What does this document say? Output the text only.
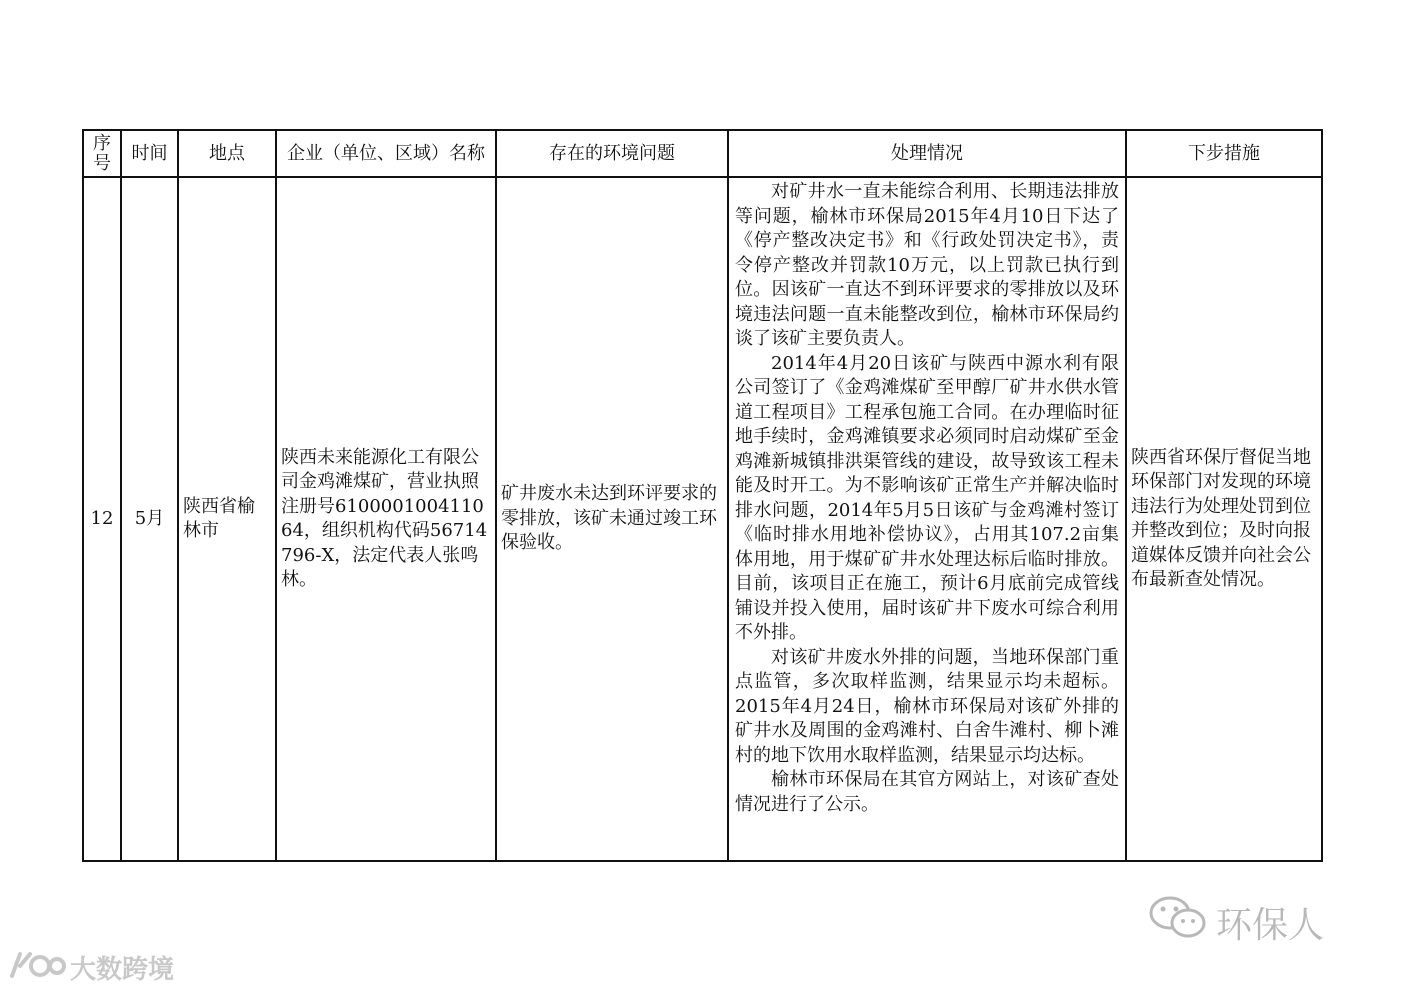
序号	时间	地点	企业（单位、区域）名称	存在的环境问题	处理情况	下步措施
12	5月	陕西省榆林市	陕西未来能源化工有限公司金鸡滩煤矿，营业执照注册号610000100411064，组织机构代码56714796-X，法定代表人张鸣林。	矿井废水未达到环评要求的零排放，该矿未通过竣工环保验收。	对矿井水一直未能综合利用、长期违法排放等问题，榆林市环保局2015年4月10日下达了《停产整改决定书》和《行政处罚决定书》，责令停产整改并罚款10万元，以上罚款已执行到位。因该矿一直达不到环评要求的零排放以及环境违法问题一直未能整改到位，榆林市环保局约谈了该矿主要负责人。

2014年4月20日该矿与陕西中源水利有限公司签订了《金鸡滩煤矿至甲醇厂矿井水供水管道工程项目》工程承包施工合同。在办理临时征地手续时，金鸡滩镇要求必须同时启动煤矿至金鸡滩新城镇排洪渠管线的建设，故导致该工程未能及时开工。为不影响该矿正常生产并解决临时排水问题，2014年5月5日该矿与金鸡滩村签订《临时排水用地补偿协议》，占用其107.2亩集体用地，用于煤矿矿井水处理达标后临时排放。目前，该项目正在施工，预计6月底前完成管线铺设并投入使用，届时该矿井下废水可综合利用不外排。

对该矿井废水外排的问题，当地环保部门重点监管，多次取样监测，结果显示均未超标。2015年4月24日，榆林市环保局对该矿外排的矿井水及周围的金鸡滩村、白舍牛滩村、柳卜滩村的地下饮用水取样监测，结果显示均达标。

榆林市环保局在其官方网站上，对该矿查处情况进行了公示。	陕西省环保厅督促当地环保部门对发现的环境违法行为处理处罚到位并整改到位；及时向报道媒体反馈并向社会公布最新查处情况。
环保人
大数跨境
